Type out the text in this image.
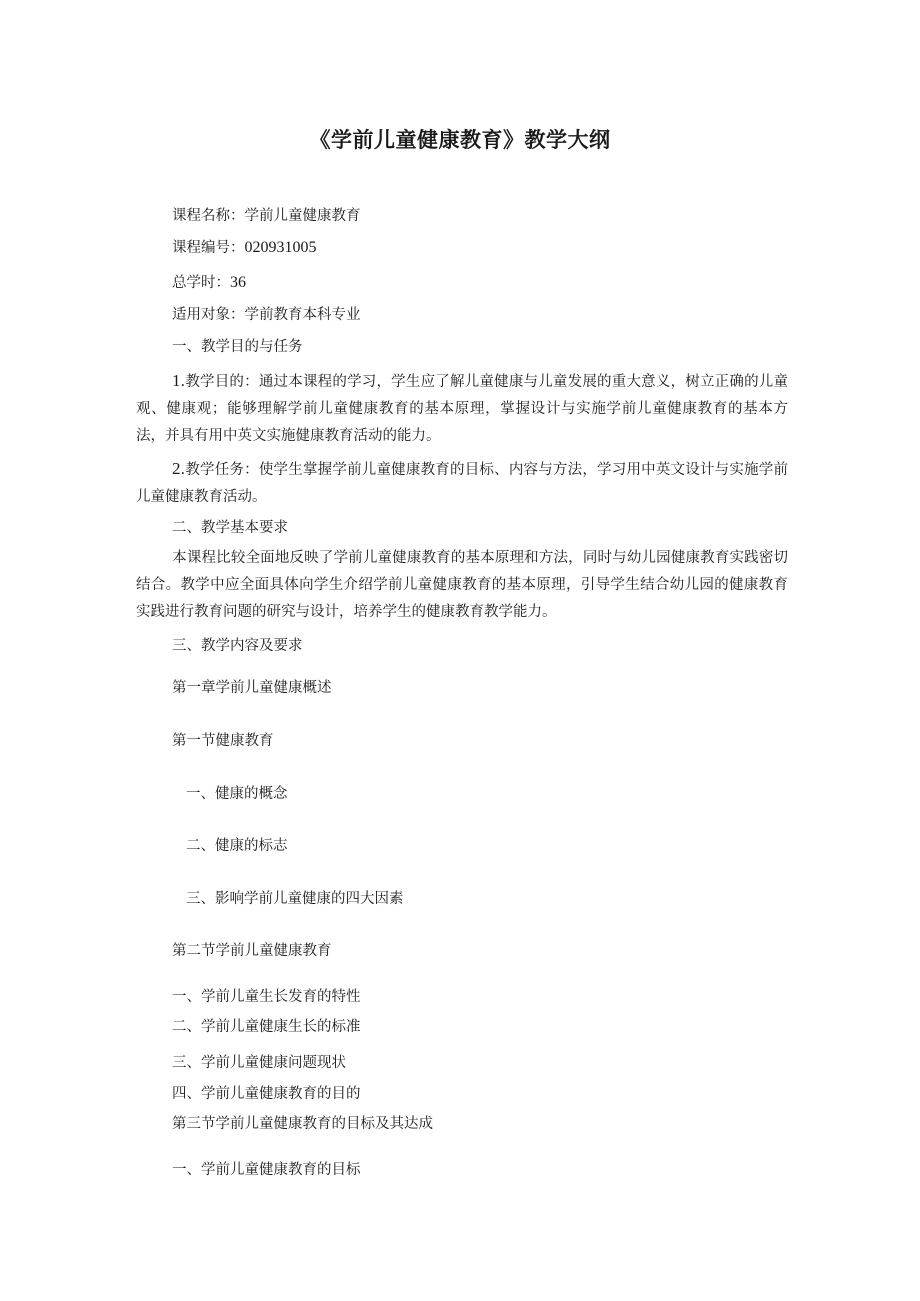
《学前儿童健康教育》教学大纲
课程名称：学前儿童健康教育
课程编号：020931005
总学时：36
适用对象：学前教育本科专业
一、教学目的与任务
1.教学目的：通过本课程的学习，学生应了解儿童健康与儿童发展的重大意义，树立正确的儿童观、健康观；能够理解学前儿童健康教育的基本原理，掌握设计与实施学前儿童健康教育的基本方法，并具有用中英文实施健康教育活动的能力。
2.教学任务：使学生掌握学前儿童健康教育的目标、内容与方法，学习用中英文设计与实施学前儿童健康教育活动。
二、教学基本要求
本课程比较全面地反映了学前儿童健康教育的基本原理和方法，同时与幼儿园健康教育实践密切结合。教学中应全面具体向学生介绍学前儿童健康教育的基本原理，引导学生结合幼儿园的健康教育实践进行教育问题的研究与设计，培养学生的健康教育教学能力。
三、教学内容及要求
第一章学前儿童健康概述
第一节健康教育
一、健康的概念
二、健康的标志
三、影响学前儿童健康的四大因素
第二节学前儿童健康教育
一、学前儿童生长发育的特性
二、学前儿童健康生长的标准
三、学前儿童健康问题现状
四、学前儿童健康教育的目的
第三节学前儿童健康教育的目标及其达成
一、学前儿童健康教育的目标
